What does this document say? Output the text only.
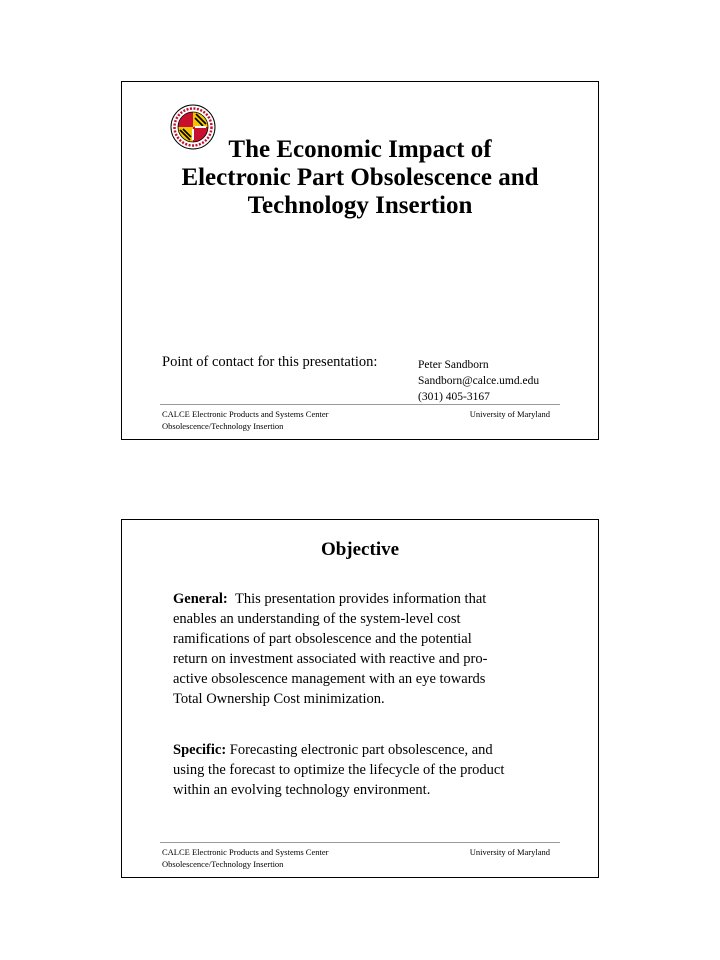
The Economic Impact of
Electronic Part Obsolescence and
Technology Insertion

Point of contact for this presentation:	Peter Sandborn
Sandborn@calce.umd.edu
(301) 405-3167
CALCE Electronic Products and Systems Center
Obsolescence/Technology Insertion
University of Maryland
Objective

General: This presentation provides information that
enables an understanding of the system-level cost
ramifications of part obsolescence and the potential
return on investment associated with reactive and pro-
active obsolescence management with an eye towards
Total Ownership Cost minimization.

Specific: Forecasting electronic part obsolescence, and
using the forecast to optimize the lifecycle of the product
within an evolving technology environment.

CALCE Electronic Products and Systems Center
Obsolescence/Technology Insertion
University of Maryland
